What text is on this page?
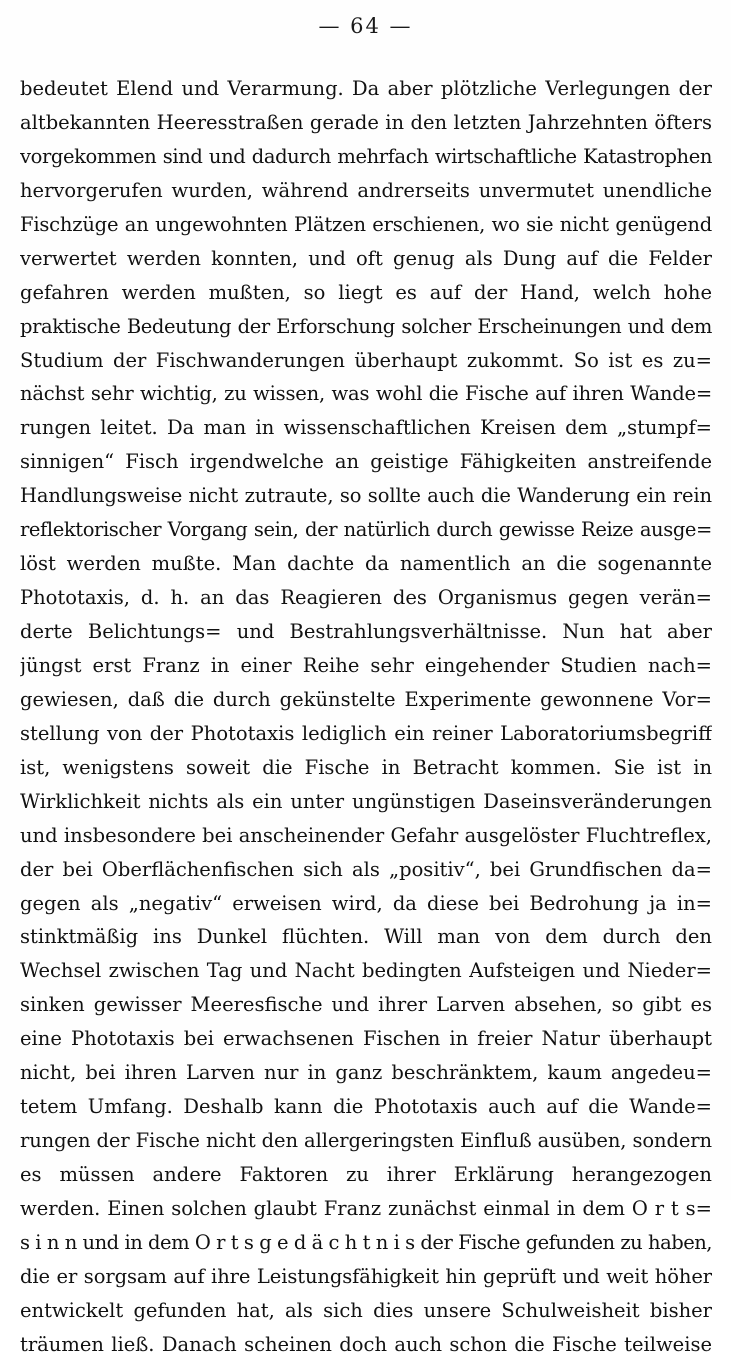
— 64 —
bedeutet Elend und Verarmung. Da aber plötzliche Verlegungen der
altbekannten Heeresstraßen gerade in den letzten Jahrzehnten öfters
vorgekommen sind und dadurch mehrfach wirtschaftliche Katastrophen
hervorgerufen wurden, während andrerseits unvermutet unendliche
Fischzüge an ungewohnten Plätzen erschienen, wo sie nicht genügend
verwertet werden konnten, und oft genug als Dung auf die Felder
gefahren werden mußten, so liegt es auf der Hand, welch hohe
praktische Bedeutung der Erforschung solcher Erscheinungen und dem
Studium der Fischwanderungen überhaupt zukommt. So ist es zu=
nächst sehr wichtig, zu wissen, was wohl die Fische auf ihren Wande=
rungen leitet. Da man in wissenschaftlichen Kreisen dem „stumpf=
sinnigen“ Fisch irgendwelche an geistige Fähigkeiten anstreifende
Handlungsweise nicht zutraute, so sollte auch die Wanderung ein rein
reflektorischer Vorgang sein, der natürlich durch gewisse Reize ausge=
löst werden mußte. Man dachte da namentlich an die sogenannte
Phototaxis, d. h. an das Reagieren des Organismus gegen verän=
derte Belichtungs= und Bestrahlungsverhältnisse. Nun hat aber
jüngst erst Franz in einer Reihe sehr eingehender Studien nach=
gewiesen, daß die durch gekünstelte Experimente gewonnene Vor=
stellung von der Phototaxis lediglich ein reiner Laboratoriumsbegriff
ist, wenigstens soweit die Fische in Betracht kommen. Sie ist in
Wirklichkeit nichts als ein unter ungünstigen Daseinsveränderungen
und insbesondere bei anscheinender Gefahr ausgelöster Fluchtreflex,
der bei Oberflächenfischen sich als „positiv“, bei Grundfischen da=
gegen als „negativ“ erweisen wird, da diese bei Bedrohung ja in=
stinktmäßig ins Dunkel flüchten. Will man von dem durch den
Wechsel zwischen Tag und Nacht bedingten Aufsteigen und Nieder=
sinken gewisser Meeresfische und ihrer Larven absehen, so gibt es
eine Phototaxis bei erwachsenen Fischen in freier Natur überhaupt
nicht, bei ihren Larven nur in ganz beschränktem, kaum angedeu=
tetem Umfang. Deshalb kann die Phototaxis auch auf die Wande=
rungen der Fische nicht den allergeringsten Einfluß ausüben, sondern
es müssen andere Faktoren zu ihrer Erklärung herangezogen
werden. Einen solchen glaubt Franz zunächst einmal in dem O r t s=
s i n n und in dem O r t s g e d ä c h t n i s der Fische gefunden zu haben,
die er sorgsam auf ihre Leistungsfähigkeit hin geprüft und weit höher
entwickelt gefunden hat, als sich dies unsere Schulweisheit bisher
träumen ließ. Danach scheinen doch auch schon die Fische teilweise
